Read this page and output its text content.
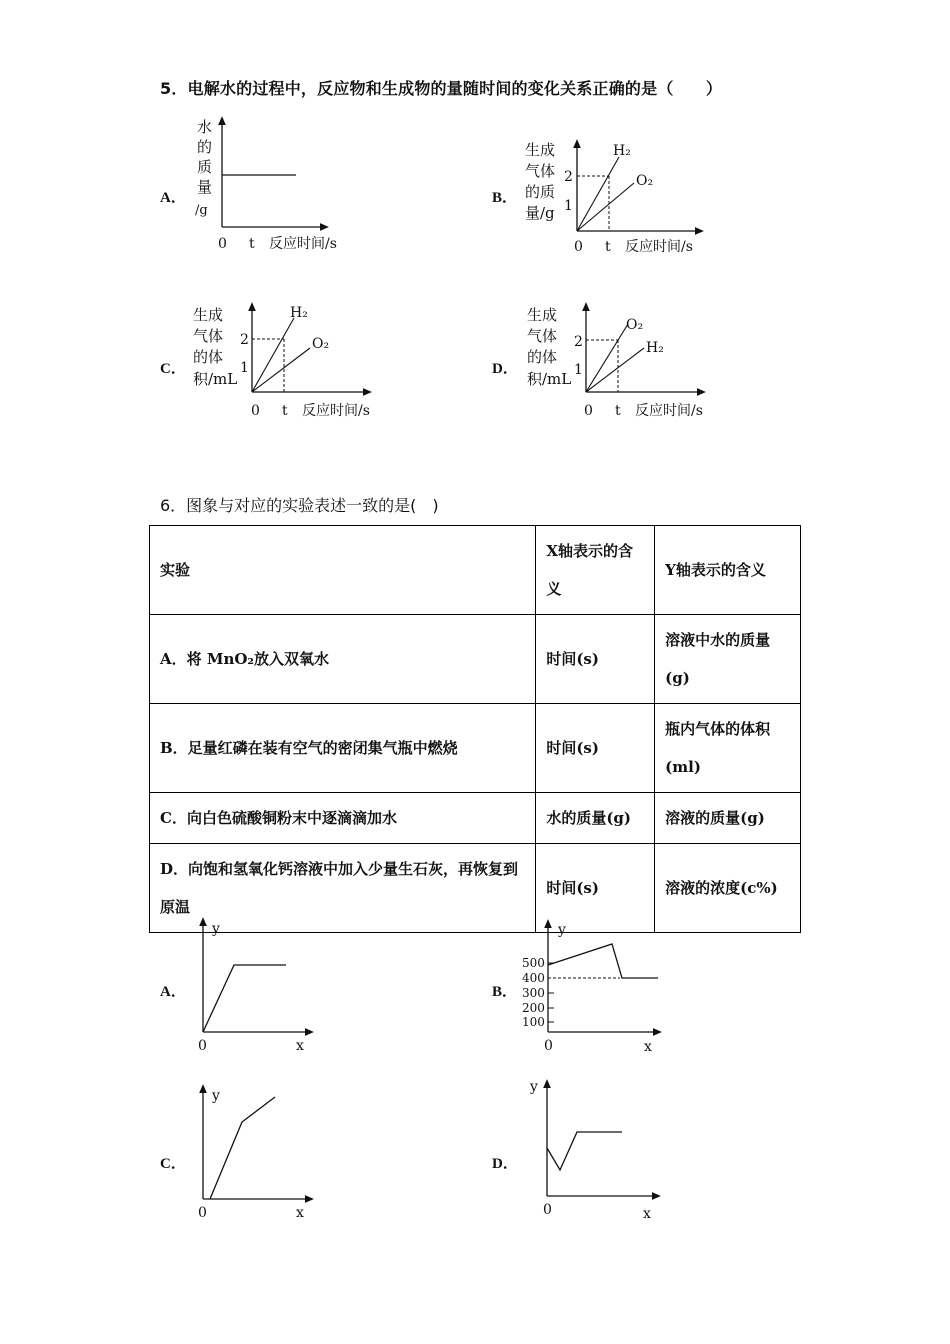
5．电解水的过程中，反应物和生成物的量随时间的变化关系正确的是（　　）
A．
水
的
质
量
/g
0 t 反应时间/s
B．
生成
气体
的质
量/g
2
1
H₂
O₂
0 t 反应时间/s
C．
生成
气体
的体
积/mL
2
1
H₂
O₂
0 t 反应时间/s
D．
生成
气体
的体
积/mL
2
1
O₂
H₂
0 t 反应时间/s
6．图象与对应的实验表述一致的是(　)
实验	X轴表示的含义	Y轴表示的含义
A．将 MnO₂放入双氧水	时间(s)	溶液中水的质量(g)
B．足量红磷在装有空气的密闭集气瓶中燃烧	时间(s)	瓶内气体的体积(ml)
C．向白色硫酸铜粉末中逐滴滴加水	水的质量(g)	溶液的质量(g)
D．向饱和氢氧化钙溶液中加入少量生石灰，再恢复到原温	时间(s)	溶液的浓度(c%)
A．
y
0	x
B．
500
400
300
200
100
y
0	x
C．
y
0	x
D．
y
0	x
